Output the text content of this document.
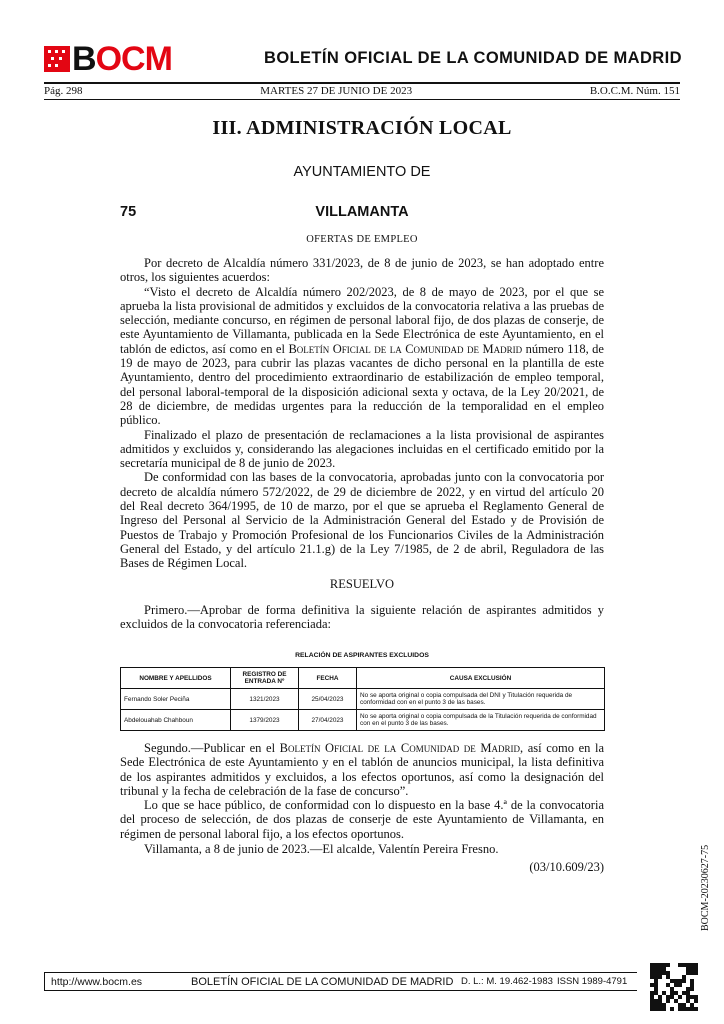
BOCM	BOLETÍN OFICIAL DE LA COMUNIDAD DE MADRID
Pág. 298	MARTES 27 DE JUNIO DE 2023	B.O.C.M. Núm. 151
III. ADMINISTRACIÓN LOCAL
AYUNTAMIENTO DE
75	VILLAMANTA
OFERTAS DE EMPLEO

Por decreto de Alcaldía número 331/2023, de 8 de junio de 2023, se han adoptado entre otros, los siguientes acuerdos:

“Visto el decreto de Alcaldía número 202/2023, de 8 de mayo de 2023, por el que se aprueba la lista provisional de admitidos y excluidos de la convocatoria relativa a las pruebas de selección, mediante concurso, en régimen de personal laboral fijo, de dos plazas de conserje, de este Ayuntamiento de Villamanta, publicada en la Sede Electrónica de este Ayuntamiento, en el tablón de edictos, así como en el Boletín Oficial de la Comunidad de Madrid número 118, de 19 de mayo de 2023, para cubrir las plazas vacantes de dicho personal en la plantilla de este Ayuntamiento, dentro del procedimiento extraordinario de estabilización de empleo temporal, del personal laboral-temporal de la disposición adicional sexta y octava, de la Ley 20/2021, de 28 de diciembre, de medidas urgentes para la reducción de la temporalidad en el empleo público.

Finalizado el plazo de presentación de reclamaciones a la lista provisional de aspirantes admitidos y excluidos y, considerando las alegaciones incluidas en el certificado emitido por la secretaría municipal de 8 de junio de 2023.

De conformidad con las bases de la convocatoria, aprobadas junto con la convocatoria por decreto de alcaldía número 572/2022, de 29 de diciembre de 2022, y en virtud del artículo 20 del Real decreto 364/1995, de 10 de marzo, por el que se aprueba el Reglamento General de Ingreso del Personal al Servicio de la Administración General del Estado y de Provisión de Puestos de Trabajo y Promoción Profesional de los Funcionarios Civiles de la Administración General del Estado, y del artículo 21.1.g) de la Ley 7/1985, de 2 de abril, Reguladora de las Bases de Régimen Local.

RESUELVO

Primero.—Aprobar de forma definitiva la siguiente relación de aspirantes admitidos y excluidos de la convocatoria referenciada:

RELACIÓN DE ASPIRANTES EXCLUIDOS
NOMBRE Y APELLIDOS	REGISTRO DE ENTRADA Nº	FECHA	CAUSA EXCLUSIÓN
Fernando Soler Peciña	1321/2023	25/04/2023	No se aporta original o copia compulsada del DNI y Titulación requerida de conformidad con en el punto 3 de las bases.
Abdelouahab Chahboun	1379/2023	27/04/2023	No se aporta original o copia compulsada de la Titulación requerida de conformidad con en el punto 3 de las bases.

Segundo.—Publicar en el Boletín Oficial de la Comunidad de Madrid, así como en la Sede Electrónica de este Ayuntamiento y en el tablón de anuncios municipal, la lista definitiva de los aspirantes admitidos y excluidos, a los efectos oportunos, así como la designación del tribunal y la fecha de celebración de la fase de concurso”.

Lo que se hace público, de conformidad con lo dispuesto en la base 4.ª de la convocatoria del proceso de selección, de dos plazas de conserje de este Ayuntamiento de Villamanta, en régimen de personal laboral fijo, a los efectos oportunos.

Villamanta, a 8 de junio de 2023.—El alcalde, Valentín Pereira Fresno.
(03/10.609/23)	BOCM-20230627-75
http://www.bocm.es	BOLETÍN OFICIAL DE LA COMUNIDAD DE MADRID D. L.: M. 19.462-1983 ISSN 1989-4791
